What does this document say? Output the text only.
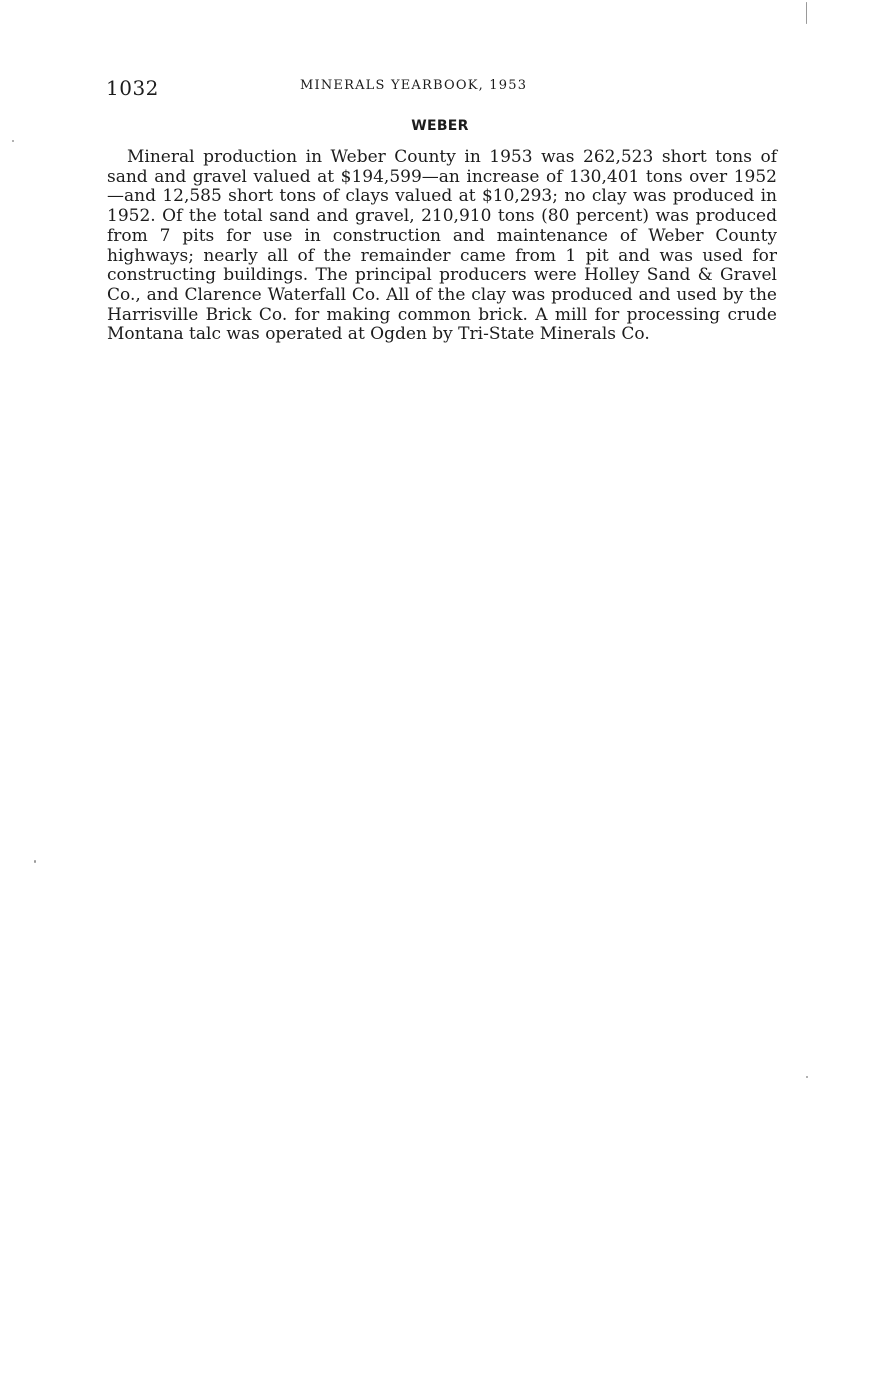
1032	MINERALS YEARBOOK, 1953
WEBER

Mineral production in Weber County in 1953 was 262,523 short tons of sand and gravel valued at $194,599—an increase of 130,401 tons over 1952—and 12,585 short tons of clays valued at $10,293; no clay was produced in 1952. Of the total sand and gravel, 210,910 tons (80 percent) was produced from 7 pits for use in construction and maintenance of Weber County highways; nearly all of the remainder came from 1 pit and was used for constructing buildings. The principal producers were Holley Sand & Gravel Co., and Clarence Waterfall Co. All of the clay was produced and used by the Harrisville Brick Co. for making common brick. A mill for processing crude Montana talc was operated at Ogden by Tri-State Minerals Co.
